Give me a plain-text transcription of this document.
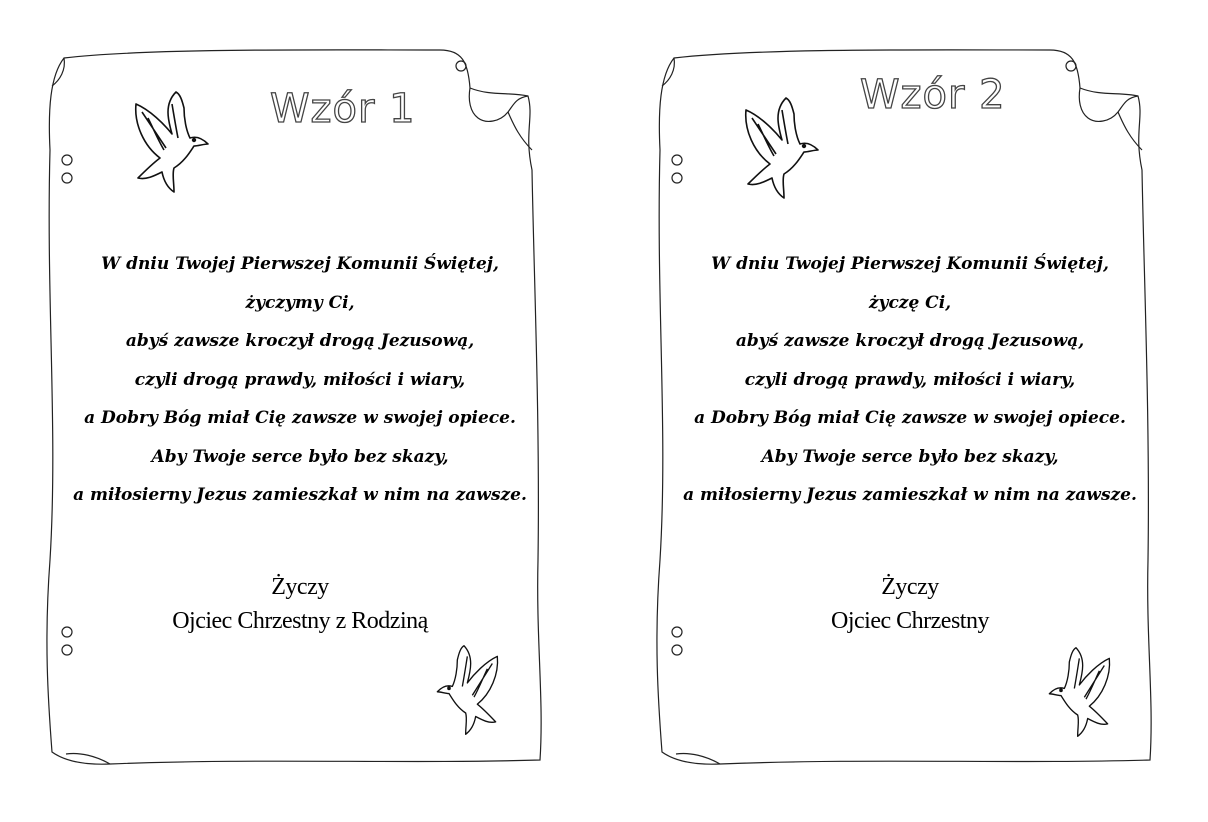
Wzór 1
W dniu Twojej Pierwszej Komunii Świętej,
życzymy Ci,
abyś zawsze kroczył drogą Jezusową,
czyli drogą prawdy, miłości i wiary,
a Dobry Bóg miał Cię zawsze w swojej opiece.
Aby Twoje serce było bez skazy,
a miłosierny Jezus zamieszkał w nim na zawsze.
Życzy
Ojciec Chrzestny z Rodziną
Wzór 2
W dniu Twojej Pierwszej Komunii Świętej,
życzę Ci,
abyś zawsze kroczył drogą Jezusową,
czyli drogą prawdy, miłości i wiary,
a Dobry Bóg miał Cię zawsze w swojej opiece.
Aby Twoje serce było bez skazy,
a miłosierny Jezus zamieszkał w nim na zawsze.
Życzy
Ojciec Chrzestny
